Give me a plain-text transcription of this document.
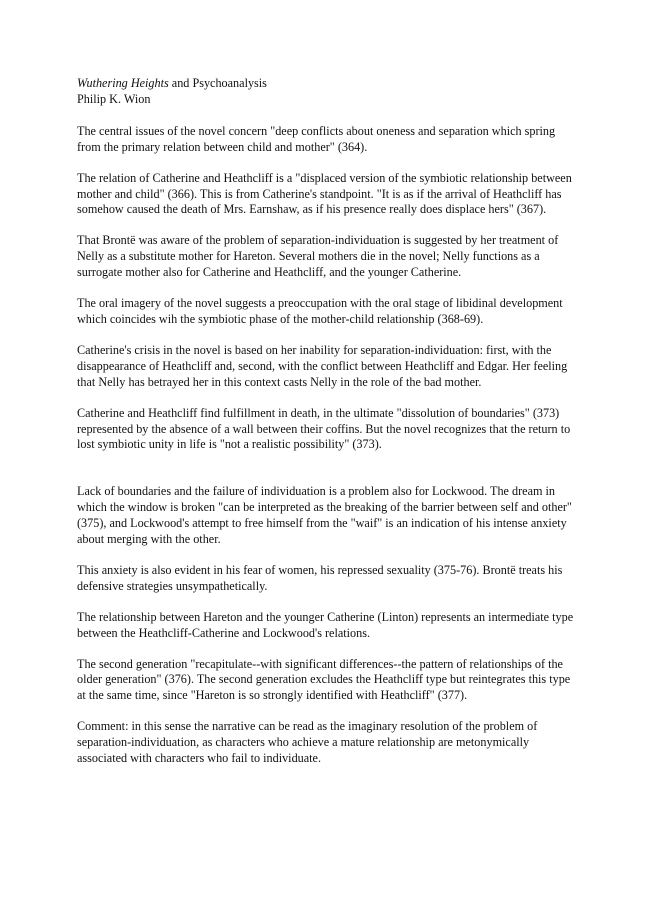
Wuthering Heights and Psychoanalysis

Philip K. Wion

The central issues of the novel concern "deep conflicts about oneness and separation which spring from the primary relation between child and mother" (364).

The relation of Catherine and Heathcliff is a "displaced version of the symbiotic relationship between mother and child" (366). This is from Catherine's standpoint. "It is as if the arrival of Heathcliff has somehow caused the death of Mrs. Earnshaw, as if his presence really does displace hers" (367).

That Brontë was aware of the problem of separation-individuation is suggested by her treatment of Nelly as a substitute mother for Hareton. Several mothers die in the novel; Nelly functions as a surrogate mother also for Catherine and Heathcliff, and the younger Catherine.

The oral imagery of the novel suggests a preoccupation with the oral stage of libidinal development which coincides wih the symbiotic phase of the mother-child relationship (368-69).

Catherine's crisis in the novel is based on her inability for separation-individuation: first, with the disappearance of Heathcliff and, second, with the conflict between Heathcliff and Edgar. Her feeling that Nelly has betrayed her in this context casts Nelly in the role of the bad mother.

Catherine and Heathcliff find fulfillment in death, in the ultimate "dissolution of boundaries" (373) represented by the absence of a wall between their coffins. But the novel recognizes that the return to lost symbiotic unity in life is "not a realistic possibility" (373).

Lack of boundaries and the failure of individuation is a problem also for Lockwood. The dream in which the window is broken "can be interpreted as the breaking of the barrier between self and other" (375), and Lockwood's attempt to free himself from the "waif" is an indication of his intense anxiety about merging with the other.

This anxiety is also evident in his fear of women, his repressed sexuality (375-76). Brontë treats his defensive strategies unsympathetically.

The relationship between Hareton and the younger Catherine (Linton) represents an intermediate type between the Heathcliff-Catherine and Lockwood's relations.

The second generation "recapitulate--with significant differences--the pattern of relationships of the older generation" (376). The second generation excludes the Heathcliff type but reintegrates this type at the same time, since "Hareton is so strongly identified with Heathcliff" (377).

Comment: in this sense the narrative can be read as the imaginary resolution of the problem of separation-individuation, as characters who achieve a mature relationship are metonymically associated with characters who fail to individuate.
